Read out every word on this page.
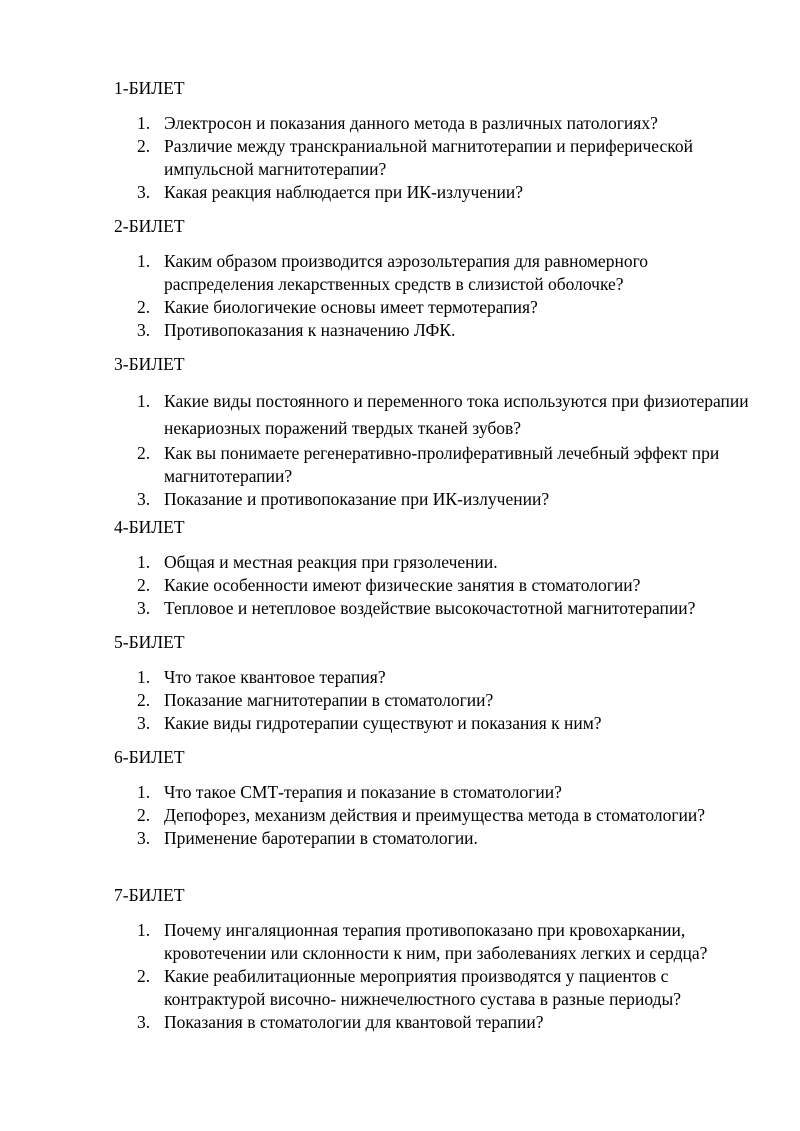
1-БИЛЕТ

1. Электросон и показания данного метода в различных патологиях?
2. Различие между транскраниальной магнитотерапии и периферической импульсной магнитотерапии?
3. Какая реакция наблюдается при ИК-излучении?

2-БИЛЕТ

1. Каким образом производится аэрозольтерапия для равномерного распределения лекарственных средств в слизистой оболочке?
2. Какие биологичекие основы имеет термотерапия?
3. Противопоказания к назначению ЛФК.

3-БИЛЕТ

1. Какие виды постоянного и переменного тока используются при физиотерапии некариозных поражений твердых тканей зубов?
2. Как вы понимаете регенеративно-пролиферативный лечебный эффект при магнитотерапии?
3. Показание и противопоказание при ИК-излучении?

4-БИЛЕТ

1. Общая и местная реакция при грязолечении.
2. Какие особенности имеют физические занятия в стоматологии?
3. Тепловое и нетепловое воздействие высокочастотной магнитотерапии?

5-БИЛЕТ

1. Что такое квантовое терапия?
2. Показание магнитотерапии в стоматологии?
3. Какие виды гидротерапии существуют и показания к ним?

6-БИЛЕТ

1. Что такое СМТ-терапия и показание в стоматологии?
2. Депофорез, механизм действия и преимущества метода в стоматологии?
3. Применение баротерапии в стоматологии.

7-БИЛЕТ

1. Почему ингаляционная терапия противопоказано при кровохаркании, кровотечении или склонности к ним, при заболеваниях легких и сердца?
2. Какие реабилитационные мероприятия производятся у пациентов с контрактурой височно- нижнечелюстного сустава в разные периоды?
3. Показания в стоматологии для квантовой терапии?
